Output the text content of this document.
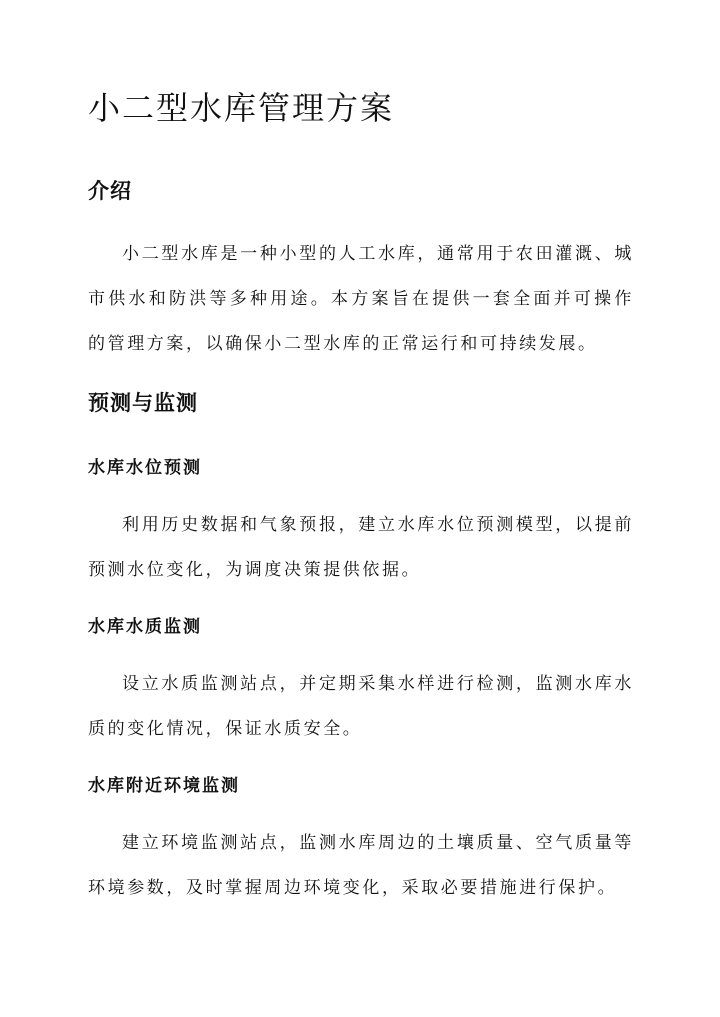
小二型水库管理方案
介绍

小二型水库是一种小型的人工水库，通常用于农田灌溉、城市供水和防洪等多种用途。本方案旨在提供一套全面并可操作的管理方案，以确保小二型水库的正常运行和可持续发展。

预测与监测
水库水位预测

利用历史数据和气象预报，建立水库水位预测模型，以提前预测水位变化，为调度决策提供依据。

水库水质监测

设立水质监测站点，并定期采集水样进行检测，监测水库水质的变化情况，保证水质安全。

水库附近环境监测

建立环境监测站点，监测水库周边的土壤质量、空气质量等环境参数，及时掌握周边环境变化，采取必要措施进行保护。
